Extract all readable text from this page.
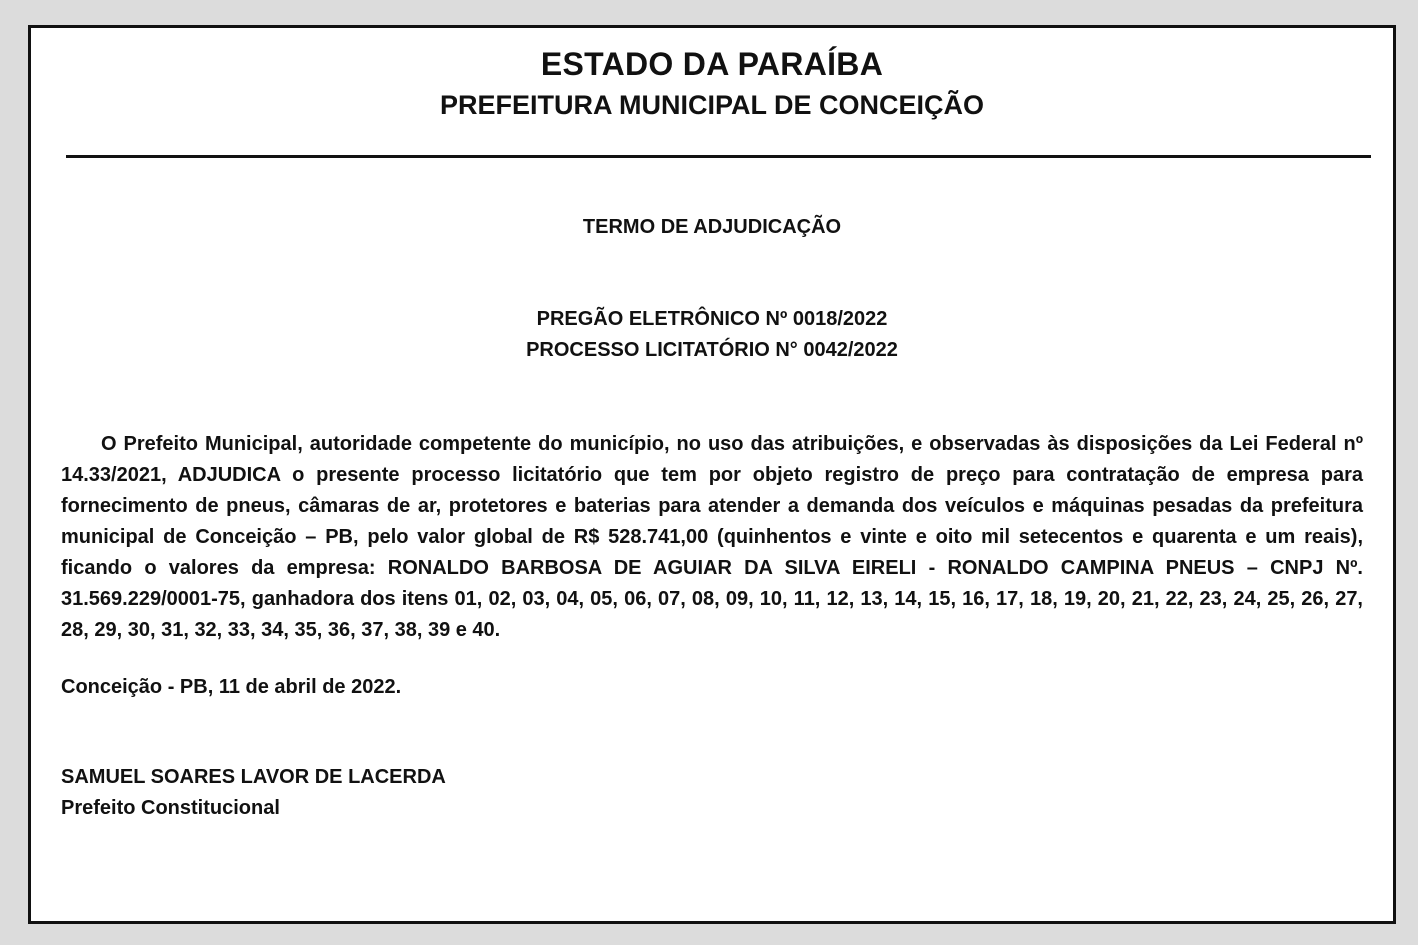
ESTADO DA PARAÍBA
PREFEITURA MUNICIPAL DE CONCEIÇÃO
TERMO DE ADJUDICAÇÃO
PREGÃO ELETRÔNICO Nº 0018/2022
PROCESSO LICITATÓRIO N° 0042/2022
O Prefeito Municipal, autoridade competente do município, no uso das atribuições, e observadas às disposições da Lei Federal nº 14.33/2021, ADJUDICA o presente processo licitatório que tem por objeto registro de preço para contratação de empresa para fornecimento de pneus, câmaras de ar, protetores e baterias para atender a demanda dos veículos e máquinas pesadas da prefeitura municipal de Conceição – PB, pelo valor global de R$ 528.741,00 (quinhentos e vinte e oito mil setecentos e quarenta e um reais), ficando o valores da empresa: RONALDO BARBOSA DE AGUIAR DA SILVA EIRELI - RONALDO CAMPINA PNEUS – CNPJ Nº. 31.569.229/0001-75, ganhadora dos itens 01, 02, 03, 04, 05, 06, 07, 08, 09, 10, 11, 12, 13, 14, 15, 16, 17, 18, 19, 20, 21, 22, 23, 24, 25, 26, 27, 28, 29, 30, 31, 32, 33, 34, 35, 36, 37, 38, 39 e 40.
Conceição - PB, 11 de abril de 2022.
SAMUEL SOARES LAVOR DE LACERDA
Prefeito Constitucional
